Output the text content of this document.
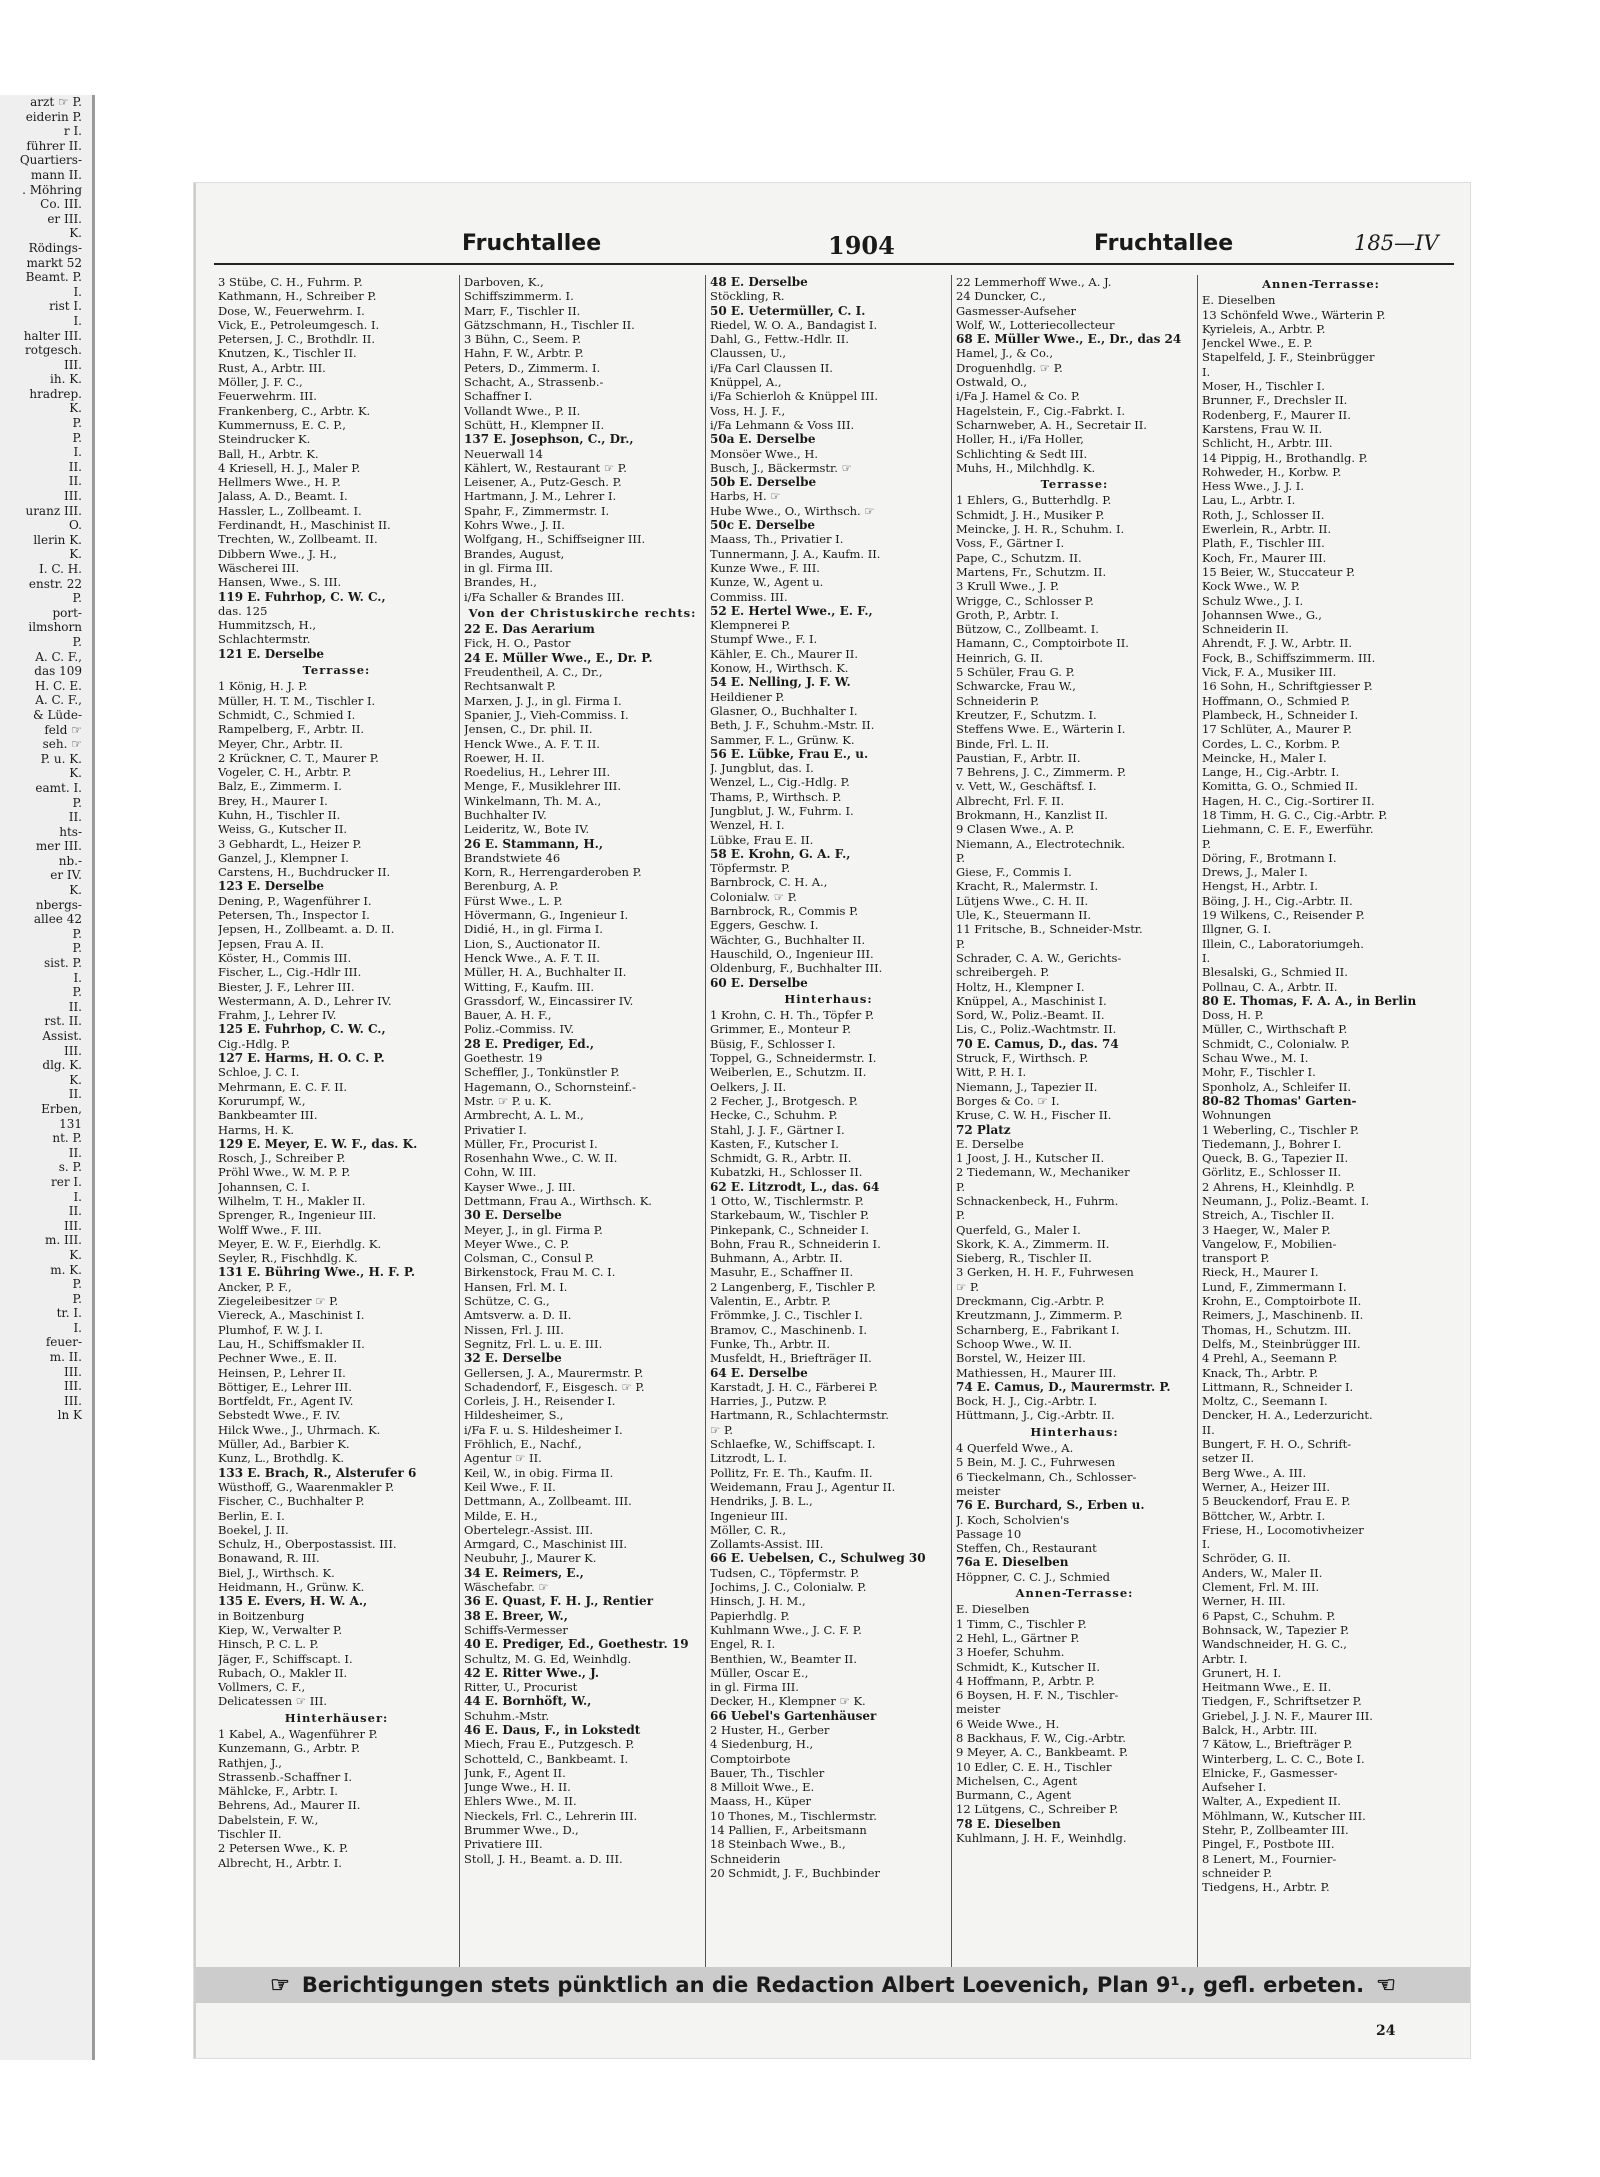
arzt ☞ P.
eiderin P.
r I.
führer II.
Quartiers-
mann II.
. Möhring
Co. III.
er III.
K.
Rödings-
markt 52
Beamt. P.
I.
rist I.
I.
halter III.
rotgesch.
III.
ih. K.
hradrep.
K.
P.
P.
I.
II.
II.
III.
uranz III.
O.
llerin K.
K.
I. C. H.
enstr. 22
P.
port-
ilmshorn
P.
A. C. F.,
das 109
H. C. E.
A. C. F.,
& Lüde-
feld ☞
seh. ☞
P. u. K.
K.
eamt. I.
P.
II.
hts-
mer III.
nb.-
er IV.
K.
nbergs-
allee 42
P.
P.
sist. P.
I.
P.
II.
rst. II.
Assist.
III.
dlg. K.
K.
II.
Erben,
131
nt. P.
II.
s. P.
rer I.
I.
II.
III.
m. III.
K.
m. K.
P.
P.
tr. I.
I.
feuer-
m. II.
III.
III.
III.
ln K
Fruchtallee	1904	Fruchtallee	185—IV
3 Stübe, C. H., Fuhrm. P.
Kathmann, H., Schreiber P.
Dose, W., Feuerwehrm. I.
Vick, E., Petroleumgesch. I.
Petersen, J. C., Brothdlr. II.
Knutzen, K., Tischler II.
Rust, A., Arbtr. III.
Möller, J. F. C.,
Feuerwehrm. III.
Frankenberg, C., Arbtr. K.
Kummernuss, E. C. P.,
Steindrucker K.
Ball, H., Arbtr. K.
4 Kriesell, H. J., Maler P.
Hellmers Wwe., H. P.
Jalass, A. D., Beamt. I.
Hassler, L., Zollbeamt. I.
Ferdinandt, H., Maschinist II.
Trechten, W., Zollbeamt. II.
Dibbern Wwe., J. H.,
Wäscherei III.
Hansen, Wwe., S. III.
119 E. Fuhrhop, C. W. C.,
das. 125
Hummitzsch, H.,
Schlachtermstr.
121 E. Derselbe
Terrasse:
1 König, H. J. P.
Müller, H. T. M., Tischler I.
Schmidt, C., Schmied I.
Rampelberg, F., Arbtr. II.
Meyer, Chr., Arbtr. II.
2 Krückner, C. T., Maurer P.
Vogeler, C. H., Arbtr. P.
Balz, E., Zimmerm. I.
Brey, H., Maurer I.
Kuhn, H., Tischler II.
Weiss, G., Kutscher II.
3 Gebhardt, L., Heizer P.
Ganzel, J., Klempner I.
Carstens, H., Buchdrucker II.
123 E. Derselbe
Dening, P., Wagenführer I.
Petersen, Th., Inspector I.
Jepsen, H., Zollbeamt. a. D. II.
Jepsen, Frau A. II.
Köster, H., Commis III.
Fischer, L., Cig.-Hdlr III.
Biester, J. F., Lehrer III.
Westermann, A. D., Lehrer IV.
Frahm, J., Lehrer IV.
125 E. Fuhrhop, C. W. C.,
Cig.-Hdlg. P.
127 E. Harms, H. O. C. P.
Schloe, J. C. I.
Mehrmann, E. C. F. II.
Korurumpf, W.,
Bankbeamter III.
Harms, H. K.
129 E. Meyer, E. W. F., das. K.
Rosch, J., Schreiber P.
Pröhl Wwe., W. M. P. P.
Johannsen, C. I.
Wilhelm, T. H., Makler II.
Sprenger, R., Ingenieur III.
Wolff Wwe., F. III.
Meyer, E. W. F., Eierhdlg. K.
Seyler, R., Fischhdlg. K.
131 E. Bühring Wwe., H. F. P.
Ancker, P. F.,
Ziegeleibesitzer ☞ P.
Viereck, A., Maschinist I.
Plumhof, F. W. J. I.
Lau, H., Schiffsmakler II.
Pechner Wwe., E. II.
Heinsen, P., Lehrer II.
Böttiger, E., Lehrer III.
Bortfeldt, Fr., Agent IV.
Sebstedt Wwe., F. IV.
Hilck Wwe., J., Uhrmach. K.
Müller, Ad., Barbier K.
Kunz, L., Brothdlg. K.
133 E. Brach, R., Alsterufer 6
Wüsthoff, G., Waarenmakler P.
Fischer, C., Buchhalter P.
Berlin, E. I.
Boekel, J. II.
Schulz, H., Oberpostassist. III.
Bonawand, R. III.
Biel, J., Wirthsch. K.
Heidmann, H., Grünw. K.
135 E. Evers, H. W. A.,
in Boitzenburg
Kiep, W., Verwalter P.
Hinsch, P. C. L. P.
Jäger, F., Schiffscapt. I.
Rubach, O., Makler II.
Vollmers, C. F.,
Delicatessen ☞ III.
Hinterhäuser:
1 Kabel, A., Wagenführer P.
Kunzemann, G., Arbtr. P.
Rathjen, J.,
Strassenb.-Schaffner I.
Mählcke, F., Arbtr. I.
Behrens, Ad., Maurer II.
Dabelstein, F. W.,
Tischler II.
2 Petersen Wwe., K. P.
Albrecht, H., Arbtr. I.
Darboven, K.,
Schiffszimmerm. I.
Marr, F., Tischler II.
Gätzschmann, H., Tischler II.
3 Bühn, C., Seem. P.
Hahn, F. W., Arbtr. P.
Peters, D., Zimmerm. I.
Schacht, A., Strassenb.-
Schaffner I.
Vollandt Wwe., P. II.
Schütt, H., Klempner II.
137 E. Josephson, C., Dr.,
Neuerwall 14
Kählert, W., Restaurant ☞ P.
Leisener, A., Putz-Gesch. P.
Hartmann, J. M., Lehrer I.
Spahr, F., Zimmermstr. I.
Kohrs Wwe., J. II.
Wolfgang, H., Schiffseigner III.
Brandes, August,
in gl. Firma III.
Brandes, H.,
i/Fa Schaller & Brandes III.
Von der Christuskirche rechts:
22 E. Das Aerarium
Fick, H. O., Pastor
24 E. Müller Wwe., E., Dr. P.
Freudentheil, A. C., Dr.,
Rechtsanwalt P.
Marxen, J. J., in gl. Firma I.
Spanier, J., Vieh-Commiss. I.
Jensen, C., Dr. phil. II.
Henck Wwe., A. F. T. II.
Roewer, H. II.
Roedelius, H., Lehrer III.
Menge, F., Musiklehrer III.
Winkelmann, Th. M. A.,
Buchhalter IV.
Leideritz, W., Bote IV.
26 E. Stammann, H.,
Brandstwiete 46
Korn, R., Herrengarderoben P.
Berenburg, A. P.
Fürst Wwe., L. P.
Hövermann, G., Ingenieur I.
Didié, H., in gl. Firma I.
Lion, S., Auctionator II.
Henck Wwe., A. F. T. II.
Müller, H. A., Buchhalter II.
Witting, F., Kaufm. III.
Grassdorf, W., Eincassirer IV.
Bauer, A. H. F.,
Poliz.-Commiss. IV.
28 E. Prediger, Ed.,
Goethestr. 19
Scheffler, J., Tonkünstler P.
Hagemann, O., Schornsteinf.-
Mstr. ☞ P. u. K.
Armbrecht, A. L. M.,
Privatier I.
Müller, Fr., Procurist I.
Rosenhahn Wwe., C. W. II.
Cohn, W. III.
Kayser Wwe., J. III.
Dettmann, Frau A., Wirthsch. K.
30 E. Derselbe
Meyer, J., in gl. Firma P.
Meyer Wwe., C. P.
Colsman, C., Consul P.
Birkenstock, Frau M. C. I.
Hansen, Frl. M. I.
Schütze, C. G.,
Amtsverw. a. D. II.
Nissen, Frl. J. III.
Segnitz, Frl. L. u. E. III.
32 E. Derselbe
Gellersen, J. A., Maurermstr. P.
Schadendorf, F., Eisgesch. ☞ P.
Corleis, J. H., Reisender I.
Hildesheimer, S.,
i/Fa F. u. S. Hildesheimer I.
Fröhlich, E., Nachf.,
Agentur ☞ II.
Keil, W., in obig. Firma II.
Keil Wwe., F. II.
Dettmann, A., Zollbeamt. III.
Milde, E. H.,
Obertelegr.-Assist. III.
Armgard, C., Maschinist III.
Neubuhr, J., Maurer K.
34 E. Reimers, E.,
Wäschefabr. ☞
36 E. Quast, F. H. J., Rentier
38 E. Breer, W.,
Schiffs-Vermesser
40 E. Prediger, Ed., Goethestr. 19
Schultz, M. G. Ed, Weinhdlg.
42 E. Ritter Wwe., J.
Ritter, U., Procurist
44 E. Bornhöft, W.,
Schuhm.-Mstr.
46 E. Daus, F., in Lokstedt
Miech, Frau E., Putzgesch. P.
Schotteld, C., Bankbeamt. I.
Junk, F., Agent II.
Junge Wwe., H. II.
Ehlers Wwe., M. II.
Nieckels, Frl. C., Lehrerin III.
Brummer Wwe., D.,
Privatiere III.
Stoll, J. H., Beamt. a. D. III.
48 E. Derselbe
Stöckling, R.
50 E. Uetermüller, C. I.
Riedel, W. O. A., Bandagist I.
Dahl, G., Fettw.-Hdlr. II.
Claussen, U.,
i/Fa Carl Claussen II.
Knüppel, A.,
i/Fa Schierloh & Knüppel III.
Voss, H. J. F.,
i/Fa Lehmann & Voss III.
50a E. Derselbe
Monsöer Wwe., H.
Busch, J., Bäckermstr. ☞
50b E. Derselbe
Harbs, H. ☞
Hube Wwe., O., Wirthsch. ☞
50c E. Derselbe
Maass, Th., Privatier I.
Tunnermann, J. A., Kaufm. II.
Kunze Wwe., F. III.
Kunze, W., Agent u.
Commiss. III.
52 E. Hertel Wwe., E. F.,
Klempnerei P.
Stumpf Wwe., F. I.
Kähler, E. Ch., Maurer II.
Konow, H., Wirthsch. K.
54 E. Nelling, J. F. W.
Heildiener P.
Glasner, O., Buchhalter I.
Beth, J. F., Schuhm.-Mstr. II.
Sammer, F. L., Grünw. K.
56 E. Lübke, Frau E., u.
J. Jungblut, das. I.
Wenzel, L., Cig.-Hdlg. P.
Thams, P., Wirthsch. P.
Jungblut, J. W., Fuhrm. I.
Wenzel, H. I.
Lübke, Frau E. II.
58 E. Krohn, G. A. F.,
Töpfermstr. P.
Barnbrock, C. H. A.,
Colonialw. ☞ P.
Barnbrock, R., Commis P.
Eggers, Geschw. I.
Wächter, G., Buchhalter II.
Hauschild, O., Ingenieur III.
Oldenburg, F., Buchhalter III.
60 E. Derselbe
Hinterhaus:
1 Krohn, C. H. Th., Töpfer P.
Grimmer, E., Monteur P.
Büsig, F., Schlosser I.
Toppel, G., Schneidermstr. I.
Weiberlen, E., Schutzm. II.
Oelkers, J. II.
2 Fecher, J., Brotgesch. P.
Hecke, C., Schuhm. P.
Stahl, J. J. F., Gärtner I.
Kasten, F., Kutscher I.
Schmidt, G. R., Arbtr. II.
Kubatzki, H., Schlosser II.
62 E. Litzrodt, L., das. 64
1 Otto, W., Tischlermstr. P.
Starkebaum, W., Tischler P.
Pinkepank, C., Schneider I.
Bohn, Frau R., Schneiderin I.
Buhmann, A., Arbtr. II.
Masuhr, E., Schaffner II.
2 Langenberg, F., Tischler P.
Valentin, E., Arbtr. P.
Frömmke, J. C., Tischler I.
Bramov, C., Maschinenb. I.
Funke, Th., Arbtr. II.
Musfeldt, H., Briefträger II.
64 E. Derselbe
Karstadt, J. H. C., Färberei P.
Harries, J., Putzw. P.
Hartmann, R., Schlachtermstr.
☞ P.
Schlaefke, W., Schiffscapt. I.
Litzrodt, L. I.
Pollitz, Fr. E. Th., Kaufm. II.
Weidemann, Frau J., Agentur II.
Hendriks, J. B. L.,
Ingenieur III.
Möller, C. R.,
Zollamts-Assist. III.
66 E. Uebelsen, C., Schulweg 30
Tudsen, C., Töpfermstr. P.
Jochims, J. C., Colonialw. P.
Hinsch, J. H. M.,
Papierhdlg. P.
Kuhlmann Wwe., J. C. F. P.
Engel, R. I.
Benthien, W., Beamter II.
Müller, Oscar E.,
in gl. Firma III.
Decker, H., Klempner ☞ K.
66 Uebel's Gartenhäuser
2 Huster, H., Gerber
4 Siedenburg, H.,
Comptoirbote
Bauer, Th., Tischler
8 Milloit Wwe., E.
Maass, H., Küper
10 Thones, M., Tischlermstr.
14 Pallien, F., Arbeitsmann
18 Steinbach Wwe., B.,
Schneiderin
20 Schmidt, J. F., Buchbinder
22 Lemmerhoff Wwe., A. J.
24 Duncker, C.,
Gasmesser-Aufseher
Wolf, W., Lotteriecollecteur
68 E. Müller Wwe., E., Dr., das 24
Hamel, J., & Co.,
Droguenhdlg. ☞ P.
Ostwald, O.,
i/Fa J. Hamel & Co. P.
Hagelstein, F., Cig.-Fabrkt. I.
Scharnweber, A. H., Secretair II.
Holler, H., i/Fa Holler,
Schlichting & Sedt III.
Muhs, H., Milchhdlg. K.
Terrasse:
1 Ehlers, G., Butterhdlg. P.
Schmidt, J. H., Musiker P.
Meincke, J. H. R., Schuhm. I.
Voss, F., Gärtner I.
Pape, C., Schutzm. II.
Martens, Fr., Schutzm. II.
3 Krull Wwe., J. P.
Wrigge, C., Schlosser P.
Groth, P., Arbtr. I.
Bützow, C., Zollbeamt. I.
Hamann, C., Comptoirbote II.
Heinrich, G. II.
5 Schüler, Frau G. P.
Schwarcke, Frau W.,
Schneiderin P.
Kreutzer, F., Schutzm. I.
Steffens Wwe. E., Wärterin I.
Binde, Frl. L. II.
Paustian, F., Arbtr. II.
7 Behrens, J. C., Zimmerm. P.
v. Vett, W., Geschäftsf. I.
Albrecht, Frl. F. II.
Brokmann, H., Kanzlist II.
9 Clasen Wwe., A. P.
Niemann, A., Electrotechnik.
P.
Giese, F., Commis I.
Kracht, R., Malermstr. I.
Lütjens Wwe., C. H. II.
Ule, K., Steuermann II.
11 Fritsche, B., Schneider-Mstr.
P.
Schrader, C. A. W., Gerichts-
schreibergeh. P.
Holtz, H., Klempner I.
Knüppel, A., Maschinist I.
Sord, W., Poliz.-Beamt. II.
Lis, C., Poliz.-Wachtmstr. II.
70 E. Camus, D., das. 74
Struck, F., Wirthsch. P.
Witt, P. H. I.
Niemann, J., Tapezier II.
Borges & Co. ☞ I.
Kruse, C. W. H., Fischer II.
72 Platz
E. Derselbe
1 Joost, J. H., Kutscher II.
2 Tiedemann, W., Mechaniker
P.
Schnackenbeck, H., Fuhrm.
P.
Querfeld, G., Maler I.
Skork, K. A., Zimmerm. II.
Sieberg, R., Tischler II.
3 Gerken, H. H. F., Fuhrwesen
☞ P.
Dreckmann, Cig.-Arbtr. P.
Kreutzmann, J., Zimmerm. P.
Scharnberg, E., Fabrikant I.
Schoop Wwe., W. II.
Borstel, W., Heizer III.
Mathiessen, H., Maurer III.
74 E. Camus, D., Maurermstr. P.
Bock, H. J., Cig.-Arbtr. I.
Hüttmann, J., Cig.-Arbtr. II.
Hinterhaus:
4 Querfeld Wwe., A.
5 Bein, M. J. C., Fuhrwesen
6 Tieckelmann, Ch., Schlosser-
meister
76 E. Burchard, S., Erben u.
J. Koch, Scholvien's
Passage 10
Steffen, Ch., Restaurant
76a E. Dieselben
Höppner, C. C. J., Schmied
Annen-Terrasse:
E. Dieselben
1 Timm, C., Tischler P.
2 Hehl, L., Gärtner P.
3 Hoefer, Schuhm.
Schmidt, K., Kutscher II.
4 Hoffmann, P., Arbtr. P.
6 Boysen, H. F. N., Tischler-
meister
6 Weide Wwe., H.
8 Backhaus, F. W., Cig.-Arbtr.
9 Meyer, A. C., Bankbeamt. P.
10 Edler, C. E. H., Tischler
Michelsen, C., Agent
Burmann, C., Agent
12 Lütgens, C., Schreiber P.
78 E. Dieselben
Kuhlmann, J. H. F., Weinhdlg.
Annen-Terrasse:
E. Dieselben
13 Schönfeld Wwe., Wärterin P.
Kyrieleis, A., Arbtr. P.
Jenckel Wwe., E. P.
Stapelfeld, J. F., Steinbrügger
I.
Moser, H., Tischler I.
Brunner, F., Drechsler II.
Rodenberg, F., Maurer II.
Karstens, Frau W. II.
Schlicht, H., Arbtr. III.
14 Pippig, H., Brothandlg. P.
Rohweder, H., Korbw. P.
Hess Wwe., J. J. I.
Lau, L., Arbtr. I.
Roth, J., Schlosser II.
Ewerlein, R., Arbtr. II.
Plath, F., Tischler III.
Koch, Fr., Maurer III.
15 Beier, W., Stuccateur P.
Kock Wwe., W. P.
Schulz Wwe., J. I.
Johannsen Wwe., G.,
Schneiderin II.
Ahrendt, F. J. W., Arbtr. II.
Fock, B., Schiffszimmerm. III.
Vick, F. A., Musiker III.
16 Sohn, H., Schriftgiesser P.
Hoffmann, O., Schmied P.
Plambeck, H., Schneider I.
17 Schlüter, A., Maurer P.
Cordes, L. C., Korbm. P.
Meincke, H., Maler I.
Lange, H., Cig.-Arbtr. I.
Komitta, G. O., Schmied II.
Hagen, H. C., Cig.-Sortirer II.
18 Timm, H. G. C., Cig.-Arbtr. P.
Liehmann, C. E. F., Ewerführ.
P.
Döring, F., Brotmann I.
Drews, J., Maler I.
Hengst, H., Arbtr. I.
Böing, J. H., Cig.-Arbtr. II.
19 Wilkens, C., Reisender P.
Illgner, G. I.
Illein, C., Laboratoriumgeh.
I.
Blesalski, G., Schmied II.
Pollnau, C. A., Arbtr. II.
80 E. Thomas, F. A. A., in Berlin
Doss, H. P.
Müller, C., Wirthschaft P.
Schmidt, C., Colonialw. P.
Schau Wwe., M. I.
Mohr, F., Tischler I.
Sponholz, A., Schleifer II.
80-82 Thomas' Garten-
Wohnungen
1 Weberling, C., Tischler P.
Tiedemann, J., Bohrer I.
Queck, B. G., Tapezier II.
Görlitz, E., Schlosser II.
2 Ahrens, H., Kleinhdlg. P.
Neumann, J., Poliz.-Beamt. I.
Streich, A., Tischler II.
3 Haeger, W., Maler P.
Vangelow, F., Mobilien-
transport P.
Rieck, H., Maurer I.
Lund, F., Zimmermann I.
Krohn, E., Comptoirbote II.
Reimers, J., Maschinenb. II.
Thomas, H., Schutzm. III.
Delfs, M., Steinbrügger III.
4 Prehl, A., Seemann P.
Knack, Th., Arbtr. P.
Littmann, R., Schneider I.
Moltz, C., Seemann I.
Dencker, H. A., Lederzuricht.
II.
Bungert, F. H. O., Schrift-
setzer II.
Berg Wwe., A. III.
Werner, A., Heizer III.
5 Beuckendorf, Frau E. P.
Böttcher, W., Arbtr. I.
Friese, H., Locomotivheizer
I.
Schröder, G. II.
Anders, W., Maler II.
Clement, Frl. M. III.
Werner, H. III.
6 Papst, C., Schuhm. P.
Bohnsack, W., Tapezier P.
Wandschneider, H. G. C.,
Arbtr. I.
Grunert, H. I.
Heitmann Wwe., E. II.
Tiedgen, F., Schriftsetzer P.
Griebel, J. J. N. F., Maurer III.
Balck, H., Arbtr. III.
7 Kätow, L., Briefträger P.
Winterberg, L. C. C., Bote I.
Elnicke, F., Gasmesser-
Aufseher I.
Walter, A., Expedient II.
Möhlmann, W., Kutscher III.
Stehr, P., Zollbeamter III.
Pingel, F., Postbote III.
8 Lenert, M., Fournier-
schneider P.
Tiedgens, H., Arbtr. P.
☞ Berichtigungen stets pünktlich an die Redaction Albert Loevenich, Plan 9¹., gefl. erbeten. ☜
24
